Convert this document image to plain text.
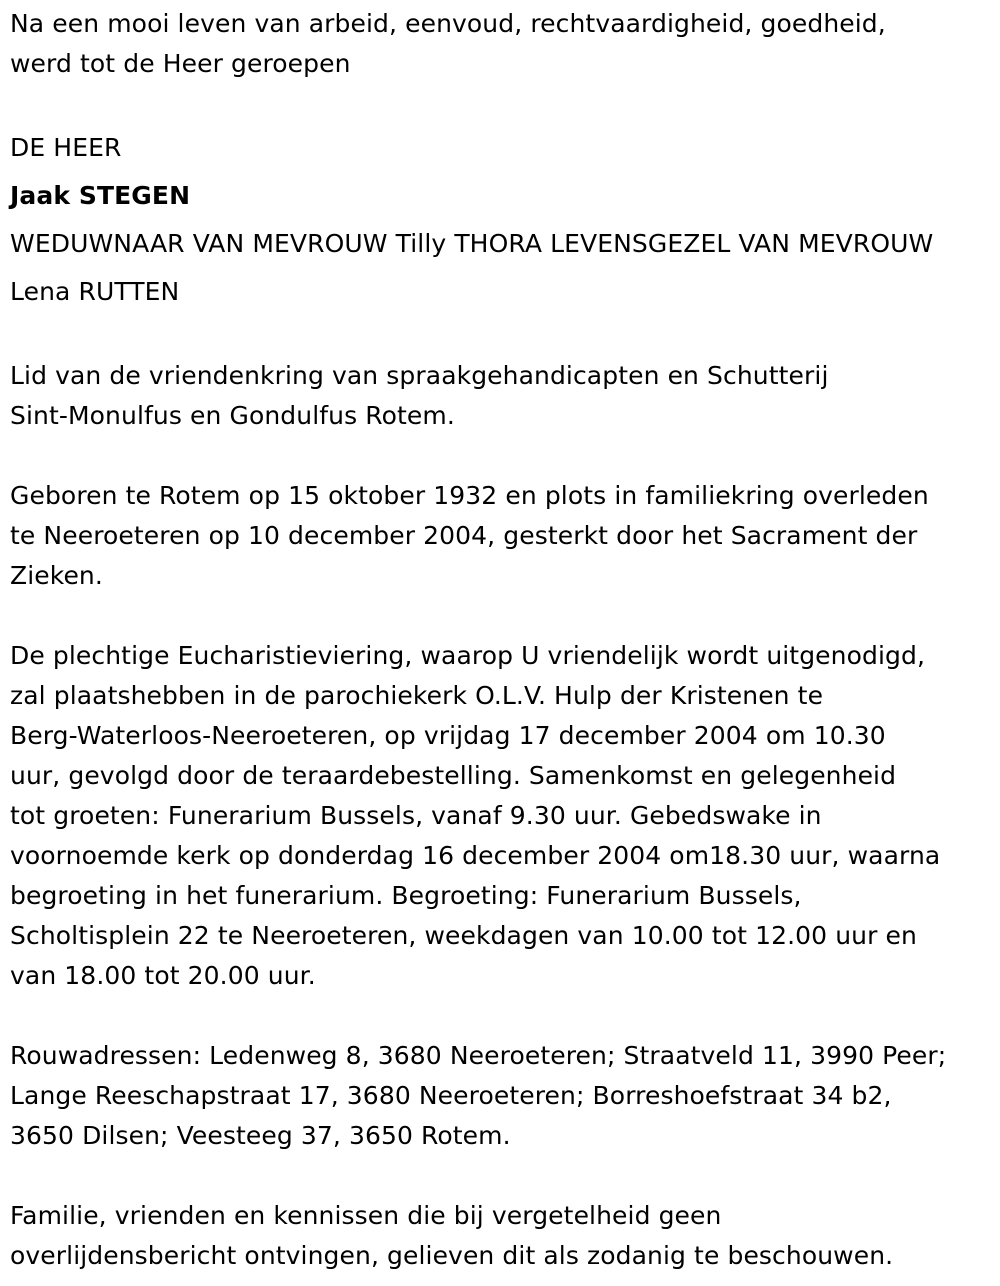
Na een mooi leven van arbeid, eenvoud, rechtvaardigheid, goedheid,
werd tot de Heer geroepen

DE HEER
Jaak STEGEN
WEDUWNAAR VAN MEVROUW Tilly THORA LEVENSGEZEL VAN MEVROUW
Lena RUTTEN

Lid van de vriendenkring van spraakgehandicapten en Schutterij
Sint-Monulfus en Gondulfus Rotem.

Geboren te Rotem op 15 oktober 1932 en plots in familiekring overleden
te Neeroeteren op 10 december 2004, gesterkt door het Sacrament der
Zieken.

De plechtige Eucharistieviering, waarop U vriendelijk wordt uitgenodigd,
zal plaatshebben in de parochiekerk O.L.V. Hulp der Kristenen te
Berg-Waterloos-Neeroeteren, op vrijdag 17 december 2004 om 10.30
uur, gevolgd door de teraardebestelling. Samenkomst en gelegenheid
tot groeten: Funerarium Bussels, vanaf 9.30 uur. Gebedswake in
voornoemde kerk op donderdag 16 december 2004 om18.30 uur, waarna
begroeting in het funerarium. Begroeting: Funerarium Bussels,
Scholtisplein 22 te Neeroeteren, weekdagen van 10.00 tot 12.00 uur en
van 18.00 tot 20.00 uur.

Rouwadressen: Ledenweg 8, 3680 Neeroeteren; Straatveld 11, 3990 Peer;
Lange Reeschapstraat 17, 3680 Neeroeteren; Borreshoefstraat 34 b2,
3650 Dilsen; Veesteeg 37, 3650 Rotem.

Familie, vrienden en kennissen die bij vergetelheid geen
overlijdensbericht ontvingen, gelieven dit als zodanig te beschouwen.
